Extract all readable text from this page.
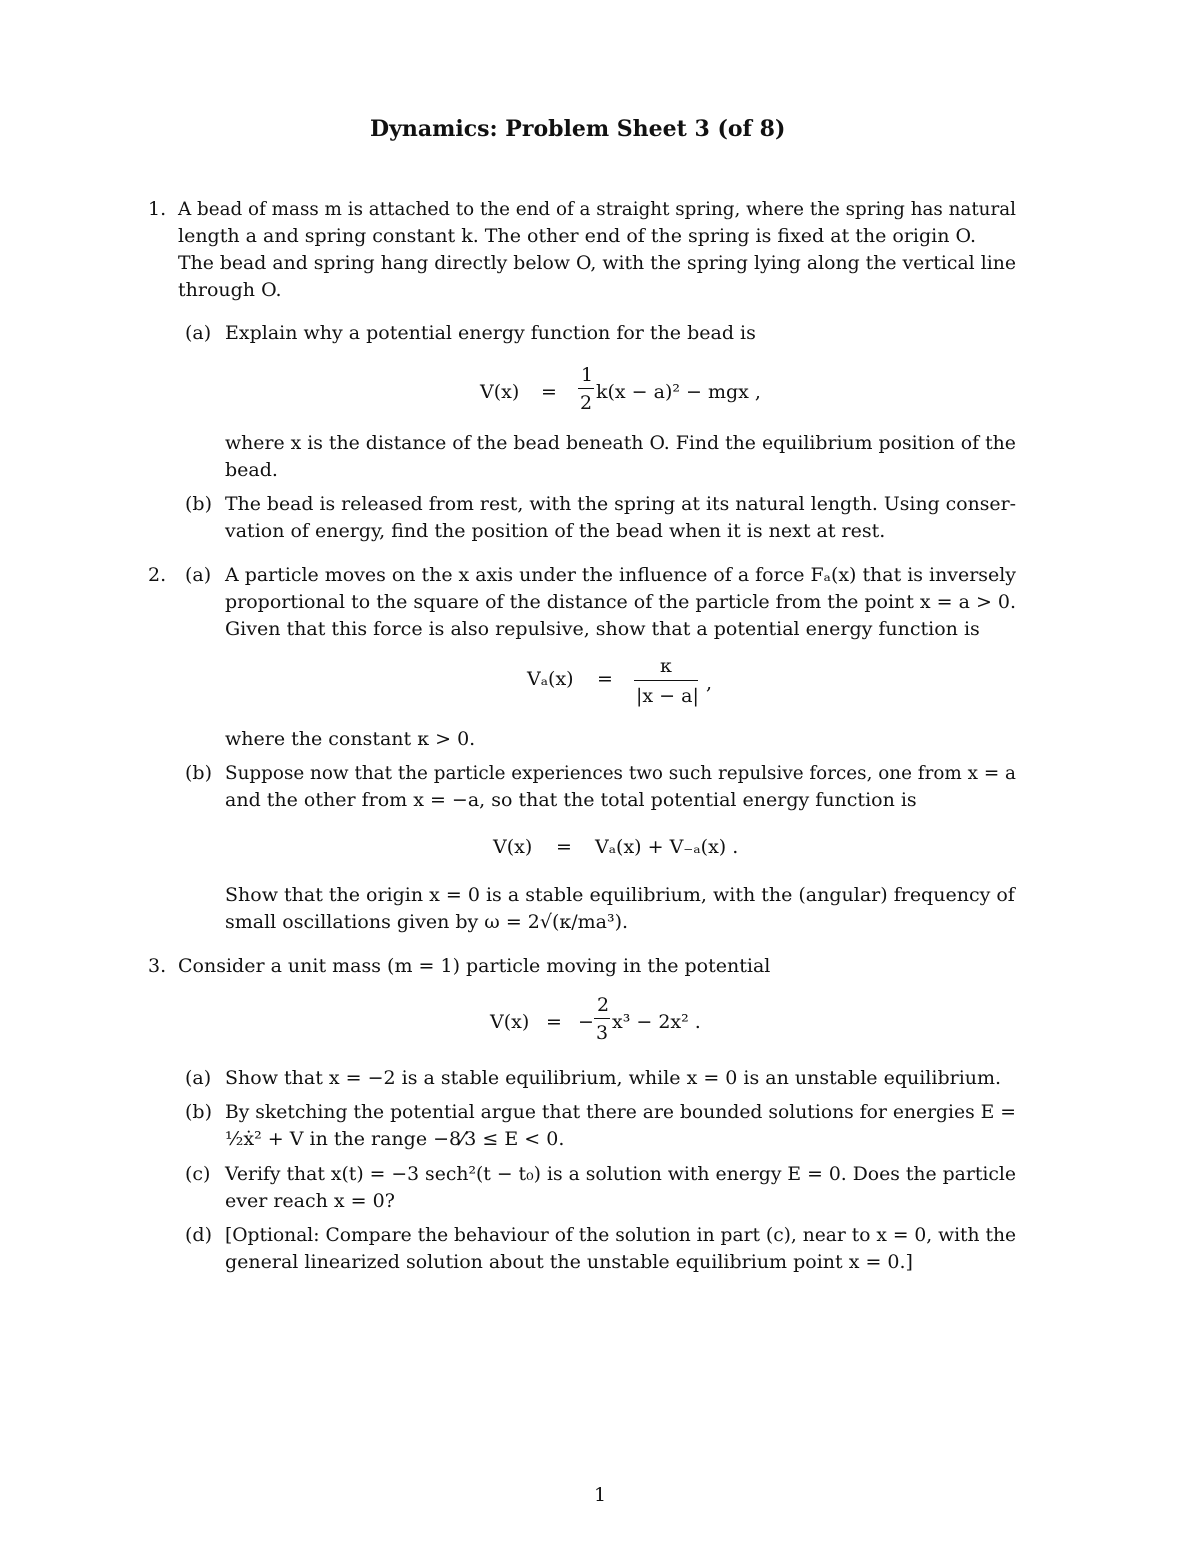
Dynamics: Problem Sheet 3 (of 8)
1. A bead of mass m is attached to the end of a straight spring, where the spring has natural
length a and spring constant k. The other end of the spring is fixed at the origin O.
The bead and spring hang directly below O, with the spring lying along the vertical line
through O.
(a) Explain why a potential energy function for the bead is
V(x) =
1
2 k(x − a)² − mgx ,
where x is the distance of the bead beneath O. Find the equilibrium position of the
bead.
(b) The bead is released from rest, with the spring at its natural length. Using conser-
vation of energy, find the position of the bead when it is next at rest.
2. (a) A particle moves on the x axis under the influence of a force Fₐ(x) that is inversely
proportional to the square of the distance of the particle from the point x = a > 0.
Given that this force is also repulsive, show that a potential energy function is
Vₐ(x) =
κ
|x − a|
,
where the constant κ > 0.
(b) Suppose now that the particle experiences two such repulsive forces, one from x = a
and the other from x = −a, so that the total potential energy function is
V(x) = Vₐ(x) + V₋ₐ(x) .
Show that the origin x = 0 is a stable equilibrium, with the (angular) frequency of
small oscillations given by ω = 2√(κ/ma³).
3. Consider a unit mass (m = 1) particle moving in the potential
V(x) = −
2
3 x³ − 2x² .
(a) Show that x = −2 is a stable equilibrium, while x = 0 is an unstable equilibrium.
(b) By sketching the potential argue that there are bounded solutions for energies E =
½ẋ² + V in the range −8⁄3 ≤ E < 0.
(c) Verify that x(t) = −3 sech²(t − t₀) is a solution with energy E = 0. Does the particle
ever reach x = 0?
(d) [Optional: Compare the behaviour of the solution in part (c), near to x = 0, with the
general linearized solution about the unstable equilibrium point x = 0.]
1
